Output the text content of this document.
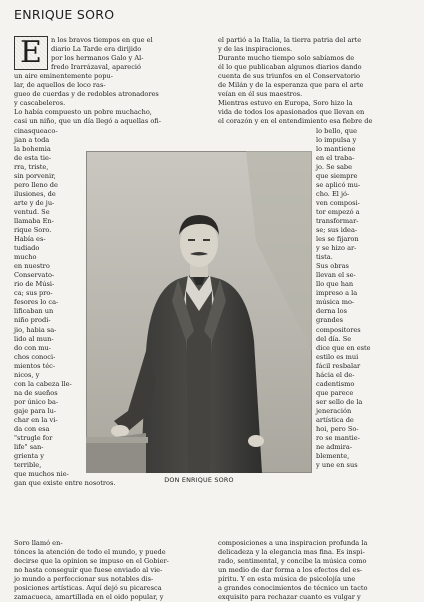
ENRIQUE SORO
E	n los bravos tiempos en que el

diario La Tarde era dirijido

por los hermanos Galo y Al-

fredo Irarrázaval, apareció

un aire eminentemente popu-

lar, de aquellos de loco ras-

gueo de cuerdas y de redobles atronadores

y cascabeleros.

Lo había compuesto un pobre muchacho,

casi un niño, que un día llegó a aquellas ofi-

el partió a la Italia, la tierra patria del arte

y de las inspiraciones.

Durante mucho tiempo solo sabíamos de

él lo que publicaban algunos diarios dando

cuenta de sus triunfos en el Conservatorio

de Milán y de la esperanza que para el arte

veían en él sus maestros.

Mientras estuvo en Europa, Soro hizo la

vida de todos los apasionados que llevan en

el corazón y en el entendimiento esa fiebre de

cinasqueaco-

jian a toda

la bohemia

de esta tie-

rra, triste,

sin porvenir,

pero lleno de

ilusiones, de

arte y de ju-

ventud. Se

llamaba En-

rique Soro.

Había es-

tudiado

mucho

en nuestro

Conservato-

rio de Músi-

ca; sus pro-

fesores lo ca-

lificaban un

niño prodi-

jio, habia sa-

lido al mun-

do con mu-

chos conoci-

mientos téc-

nicos, y

con la cabeza lle-

na de sueños

por único ba-

gaje para lu-

char en la vi-

da con esa

"strugle for

life" san-

grienta y

terrible,

que muchos nie-

gan que existe entre nosotros.

lo bello, que

lo impulsa y

lo mantiene

en el traba-

jo. Se sabe

que siempre

se aplicó mu-

cho. El jó-

ven composi-

tor empezó a

transformar-

se; sus idea-

les se fijaron

y se hizo ar-

tista.

Sus obras

llevan el se-

llo que han

impreso a la

música mo-

derna los

grandes

compositores

del día. Se

dice que en este

estilo es mui

fácil resbalar

hácia el de-

cadentismo

que parece

ser sello de la

jeneración

artística de

hoi, pero So-

ro se mantie-

ne admira-

blemente,

y une en sus

DON ENRIQUE SORO

Soro llamó en-

tónces la atención de todo el mundo, y puede

decirse que la opinion se impuso en el Gobier-

no hasta conseguir que fuese enviado al vie-

jo mundo a perfeccionar sus notables dis-

posiciones artísticas. Aquí dejó su picaresca

zamacueca, amartillada en el oido popular, y

composiciones a una inspiracion profunda la

delicadeza y la elegancia mas fina. Es inspi-

rado, sentimental, y concibe la música como

un medio de dar forma a los efectos del es-

píritu. Y en esta música de psicolojía une

a grandes conocimientos de técnico un tacto

exquisito para rechazar cuanto es vulgar y
